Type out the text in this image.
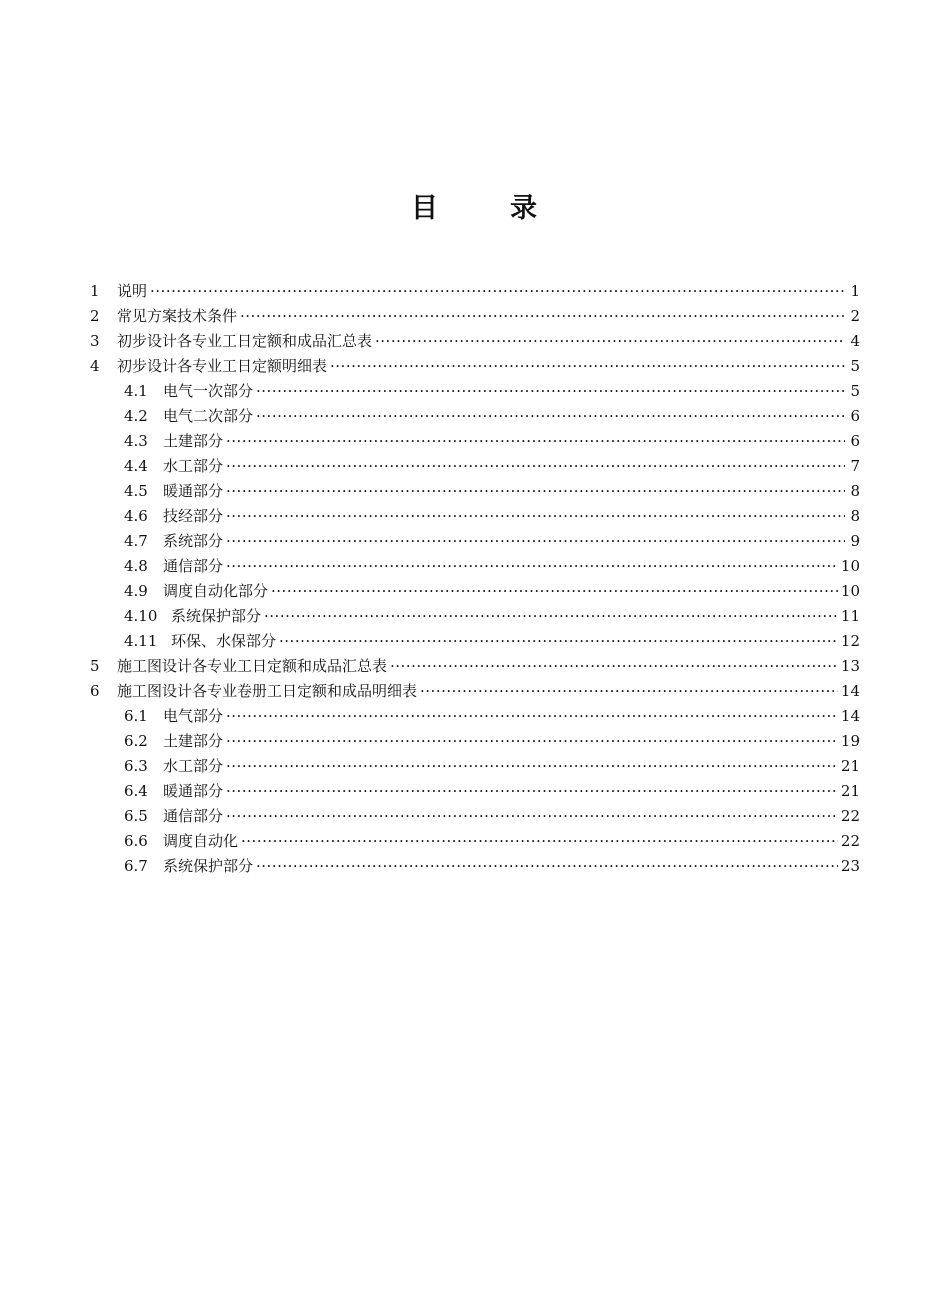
目	录
1	说明 ·····	1
2	常见方案技术条件 ·····	2
3	初步设计各专业工日定额和成品汇总表 ·····	4
4	初步设计各专业工日定额明细表 ·····	5
4.1	电气一次部分 ·····	5
4.2	电气二次部分 ·····	6
4.3	土建部分 ·····	6
4.4	水工部分 ·····	7
4.5	暖通部分 ·····	8
4.6	技经部分 ·····	8
4.7	系统部分 ·····	9
4.8	通信部分 ·····	10
4.9	调度自动化部分 ·····	10
4.10 系统保护部分 ·····	11
4.11 环保、水保部分 ·····	12
5	施工图设计各专业工日定额和成品汇总表 ·····	13
6	施工图设计各专业卷册工日定额和成品明细表 ·····	14
6.1	电气部分 ·····	14
6.2	土建部分 ·····	19
6.3	水工部分 ·····	21
6.4	暖通部分 ·····	21
6.5	通信部分 ·····	22
6.6	调度自动化 ·····	22
6.7	系统保护部分 ·····	23
